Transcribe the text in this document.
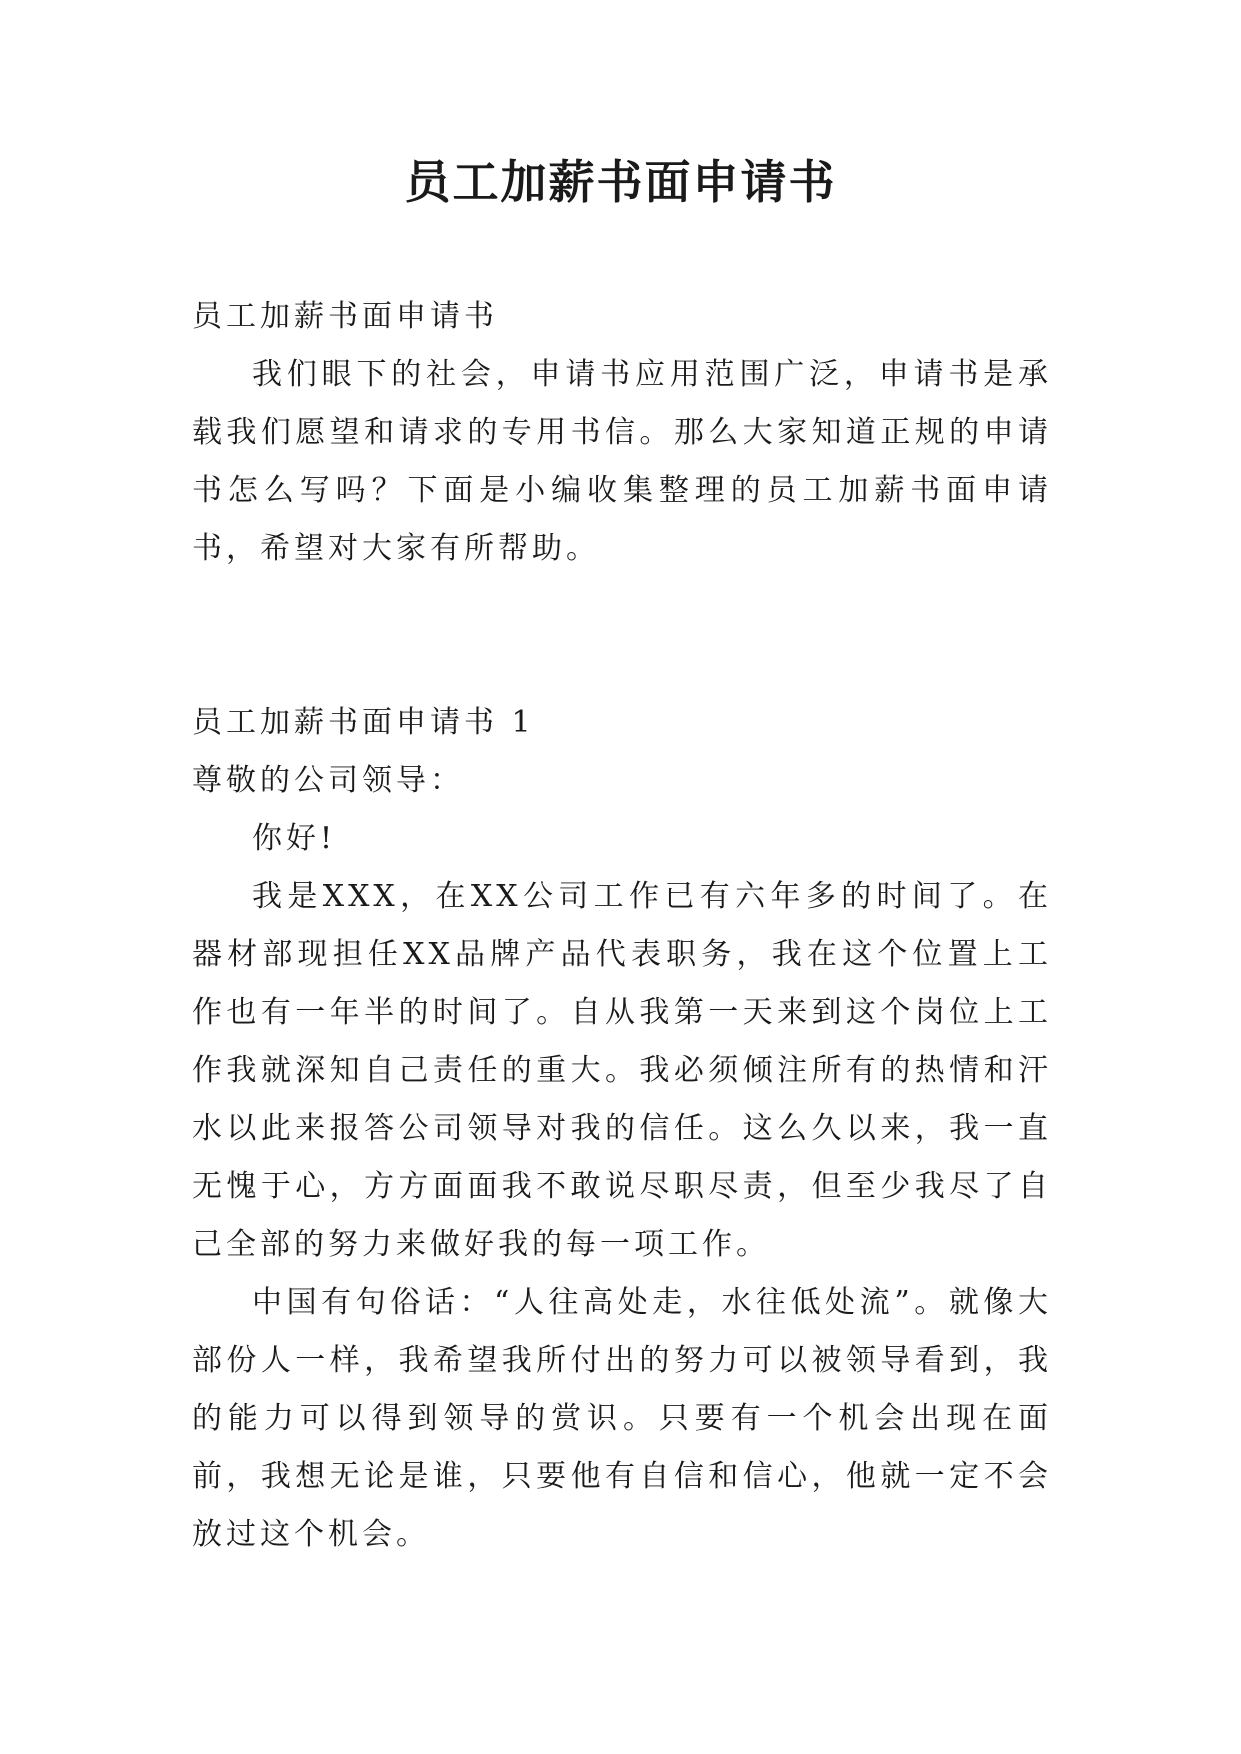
员工加薪书面申请书

员工加薪书面申请书

我们眼下的社会，申请书应用范围广泛，申请书是承载我们愿望和请求的专用书信。那么大家知道正规的申请书怎么写吗？下面是小编收集整理的员工加薪书面申请书，希望对大家有所帮助。

员工加薪书面申请书 1

尊敬的公司领导：

你好!

我是XXX，在XX公司工作已有六年多的时间了。在器材部现担任XX品牌产品代表职务，我在这个位置上工作也有一年半的时间了。自从我第一天来到这个岗位上工作我就深知自己责任的重大。我必须倾注所有的热情和汗水以此来报答公司领导对我的信任。这么久以来，我一直无愧于心，方方面面我不敢说尽职尽责，但至少我尽了自己全部的努力来做好我的每一项工作。

中国有句俗话：“人往高处走，水往低处流”。就像大部份人一样，我希望我所付出的努力可以被领导看到，我的能力可以得到领导的赏识。只要有一个机会出现在面前，我想无论是谁，只要他有自信和信心，他就一定不会放过这个机会。
